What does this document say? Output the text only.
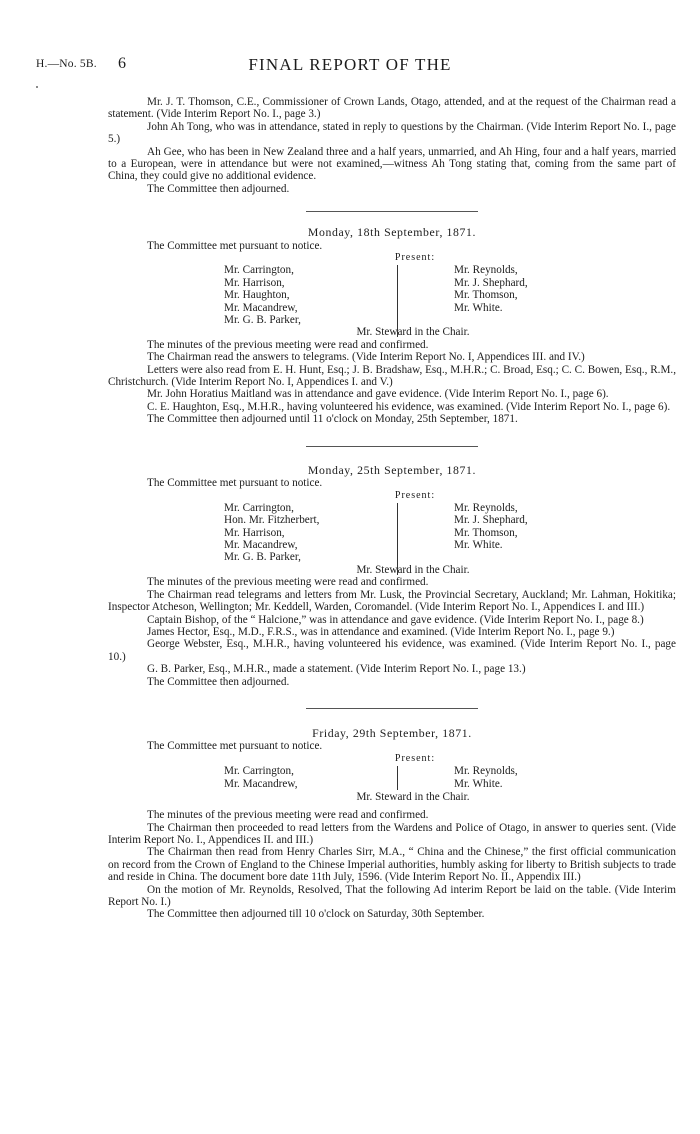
H.—No. 5B. 6	FINAL REPORT OF THE

Mr. J. T. Thomson, C.E., Commissioner of Crown Lands, Otago, attended, and at the request of the Chairman read a statement. (Vide Interim Report No. I., page 3.)

John Ah Tong, who was in attendance, stated in reply to questions by the Chairman. (Vide Interim Report No. I., page 5.)

Ah Gee, who has been in New Zealand three and a half years, unmarried, and Ah Hing, four and a half years, married to a European, were in attendance but were not examined,—witness Ah Tong stating that, coming from the same part of China, they could give no additional evidence.

The Committee then adjourned.

Monday, 18th September, 1871.

The Committee met pursuant to notice.

Present:

Mr. Carrington,
Mr. Harrison,
Mr. Haughton,
Mr. Macandrew,
Mr. G. B. Parker,
Mr. Reynolds,
Mr. J. Shephard,
Mr. Thomson,
Mr. White.
Mr. Steward in the Chair.

The minutes of the previous meeting were read and confirmed.

The Chairman read the answers to telegrams. (Vide Interim Report No. I, Appendices III. and IV.)

Letters were also read from E. H. Hunt, Esq.; J. B. Bradshaw, Esq., M.H.R.; C. Broad, Esq.; C. C. Bowen, Esq., R.M., Christchurch. (Vide Interim Report No. I, Appendices I. and V.)

Mr. John Horatius Maitland was in attendance and gave evidence. (Vide Interim Report No. I., page 6).

C. E. Haughton, Esq., M.H.R., having volunteered his evidence, was examined. (Vide Interim Report No. I., page 6).

The Committee then adjourned until 11 o'clock on Monday, 25th September, 1871.

Monday, 25th September, 1871.

The Committee met pursuant to notice.

Present:

Mr. Carrington,
Hon. Mr. Fitzherbert,
Mr. Harrison,
Mr. Macandrew,
Mr. G. B. Parker,
Mr. Reynolds,
Mr. J. Shephard,
Mr. Thomson,
Mr. White.
Mr. Steward in the Chair.

The minutes of the previous meeting were read and confirmed.

The Chairman read telegrams and letters from Mr. Lusk, the Provincial Secretary, Auckland; Mr. Lahman, Hokitika; Inspector Atcheson, Wellington; Mr. Keddell, Warden, Coromandel. (Vide Interim Report No. I., Appendices I. and III.)

Captain Bishop, of the “ Halcione,” was in attendance and gave evidence. (Vide Interim Report No. I., page 8.)

James Hector, Esq., M.D., F.R.S., was in attendance and examined. (Vide Interim Report No. I., page 9.)

George Webster, Esq., M.H.R., having volunteered his evidence, was examined. (Vide Interim Report No. I., page 10.)

G. B. Parker, Esq., M.H.R., made a statement. (Vide Interim Report No. I., page 13.)

The Committee then adjourned.

Friday, 29th September, 1871.

The Committee met pursuant to notice.

Present:

Mr. Carrington,
Mr. Macandrew,
Mr. Reynolds,
Mr. White.
Mr. Steward in the Chair.

The minutes of the previous meeting were read and confirmed.

The Chairman then proceeded to read letters from the Wardens and Police of Otago, in answer to queries sent. (Vide Interim Report No. I., Appendices II. and III.)

The Chairman then read from Henry Charles Sirr, M.A., “ China and the Chinese,” the first official communication on record from the Crown of England to the Chinese Imperial authorities, humbly asking for liberty to British subjects to trade and reside in China. The document bore date 11th July, 1596. (Vide Interim Report No. II., Appendix III.)

On the motion of Mr. Reynolds, Resolved, That the following Ad interim Report be laid on the table. (Vide Interim Report No. I.)

The Committee then adjourned till 10 o'clock on Saturday, 30th September.
